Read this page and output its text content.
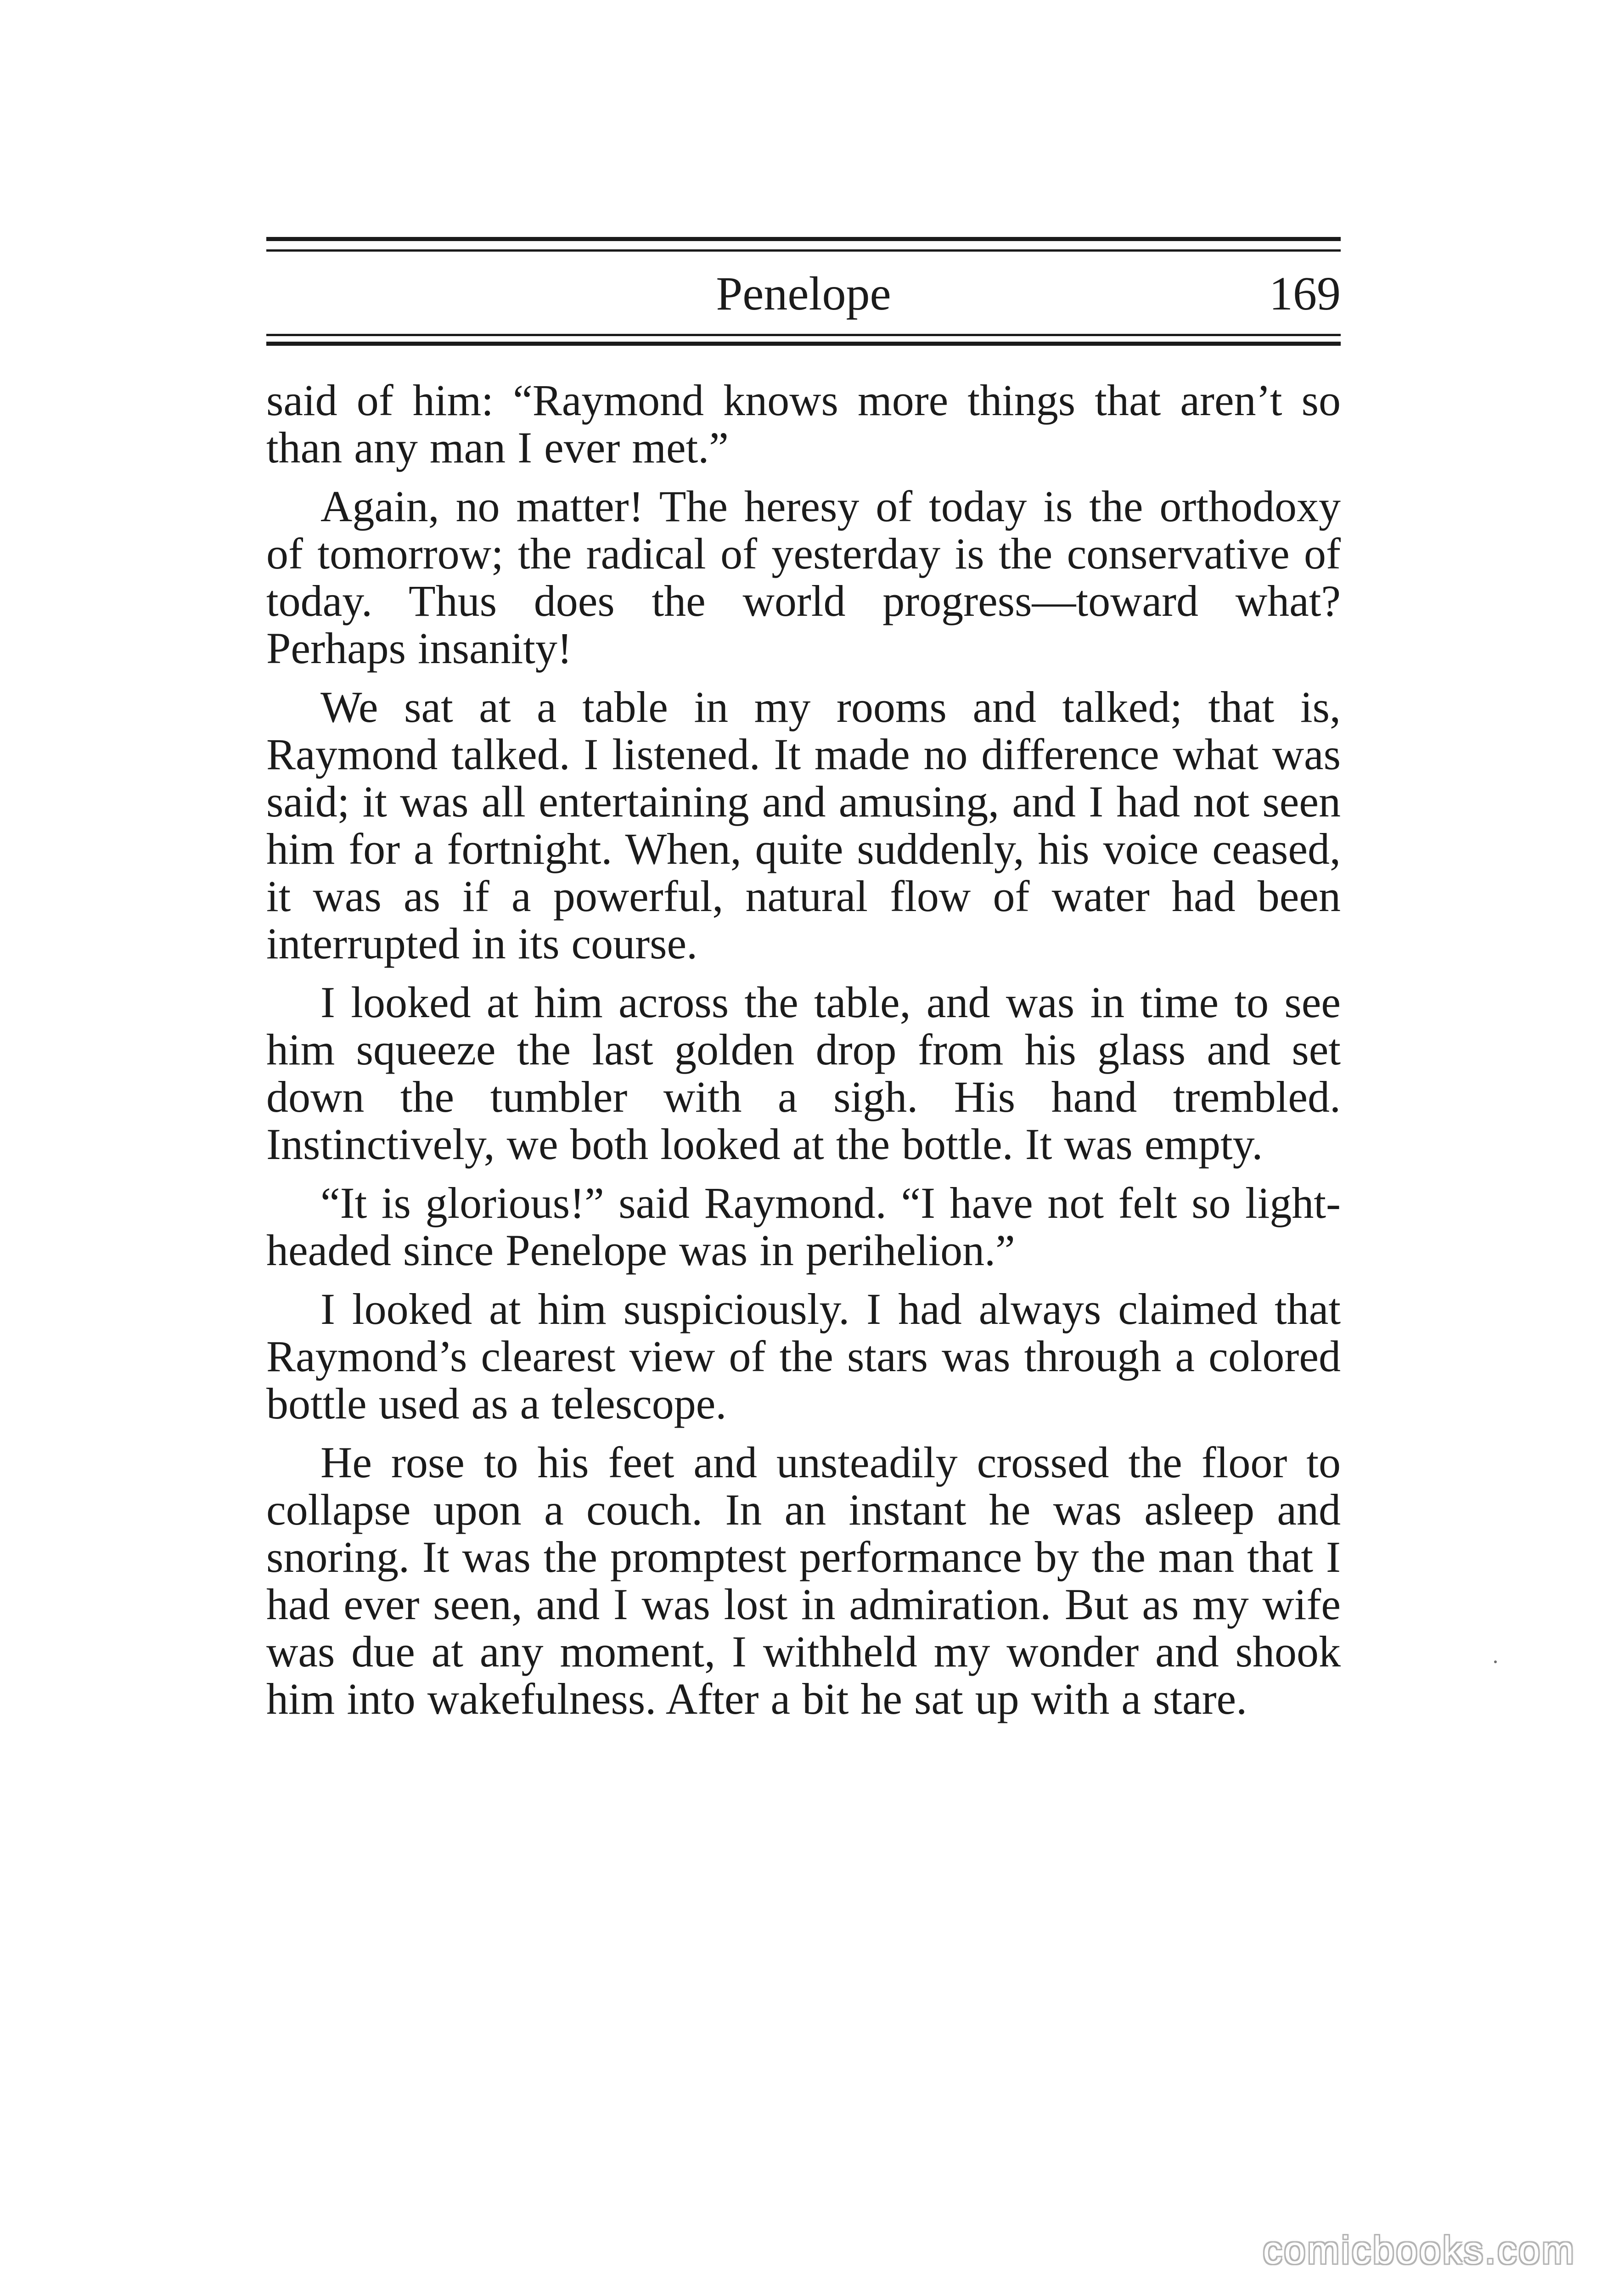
Penelope	169

said of him: “Raymond knows more things that aren’t so than any man I ever met.”

Again, no matter! The heresy of today is the orthodoxy of tomorrow; the radical of yesterday is the conservative of today. Thus does the world progress—toward what? Perhaps insanity!

We sat at a table in my rooms and talked; that is, Raymond talked. I listened. It made no difference what was said; it was all entertaining and amusing, and I had not seen him for a fortnight. When, quite suddenly, his voice ceased, it was as if a powerful, natural flow of water had been interrupted in its course.

I looked at him across the table, and was in time to see him squeeze the last golden drop from his glass and set down the tumbler with a sigh. His hand trembled. Instinctively, we both looked at the bottle. It was empty.

“It is glorious!” said Raymond. “I have not felt so light-headed since Penelope was in perihelion.”

I looked at him suspiciously. I had always claimed that Raymond’s clearest view of the stars was through a colored bottle used as a telescope.

He rose to his feet and unsteadily crossed the floor to collapse upon a couch. In an instant he was asleep and snoring. It was the promptest performance by the man that I had ever seen, and I was lost in admiration. But as my wife was due at any moment, I withheld my wonder and shook him into wakefulness. After a bit he sat up with a stare.

comicbooks.com
